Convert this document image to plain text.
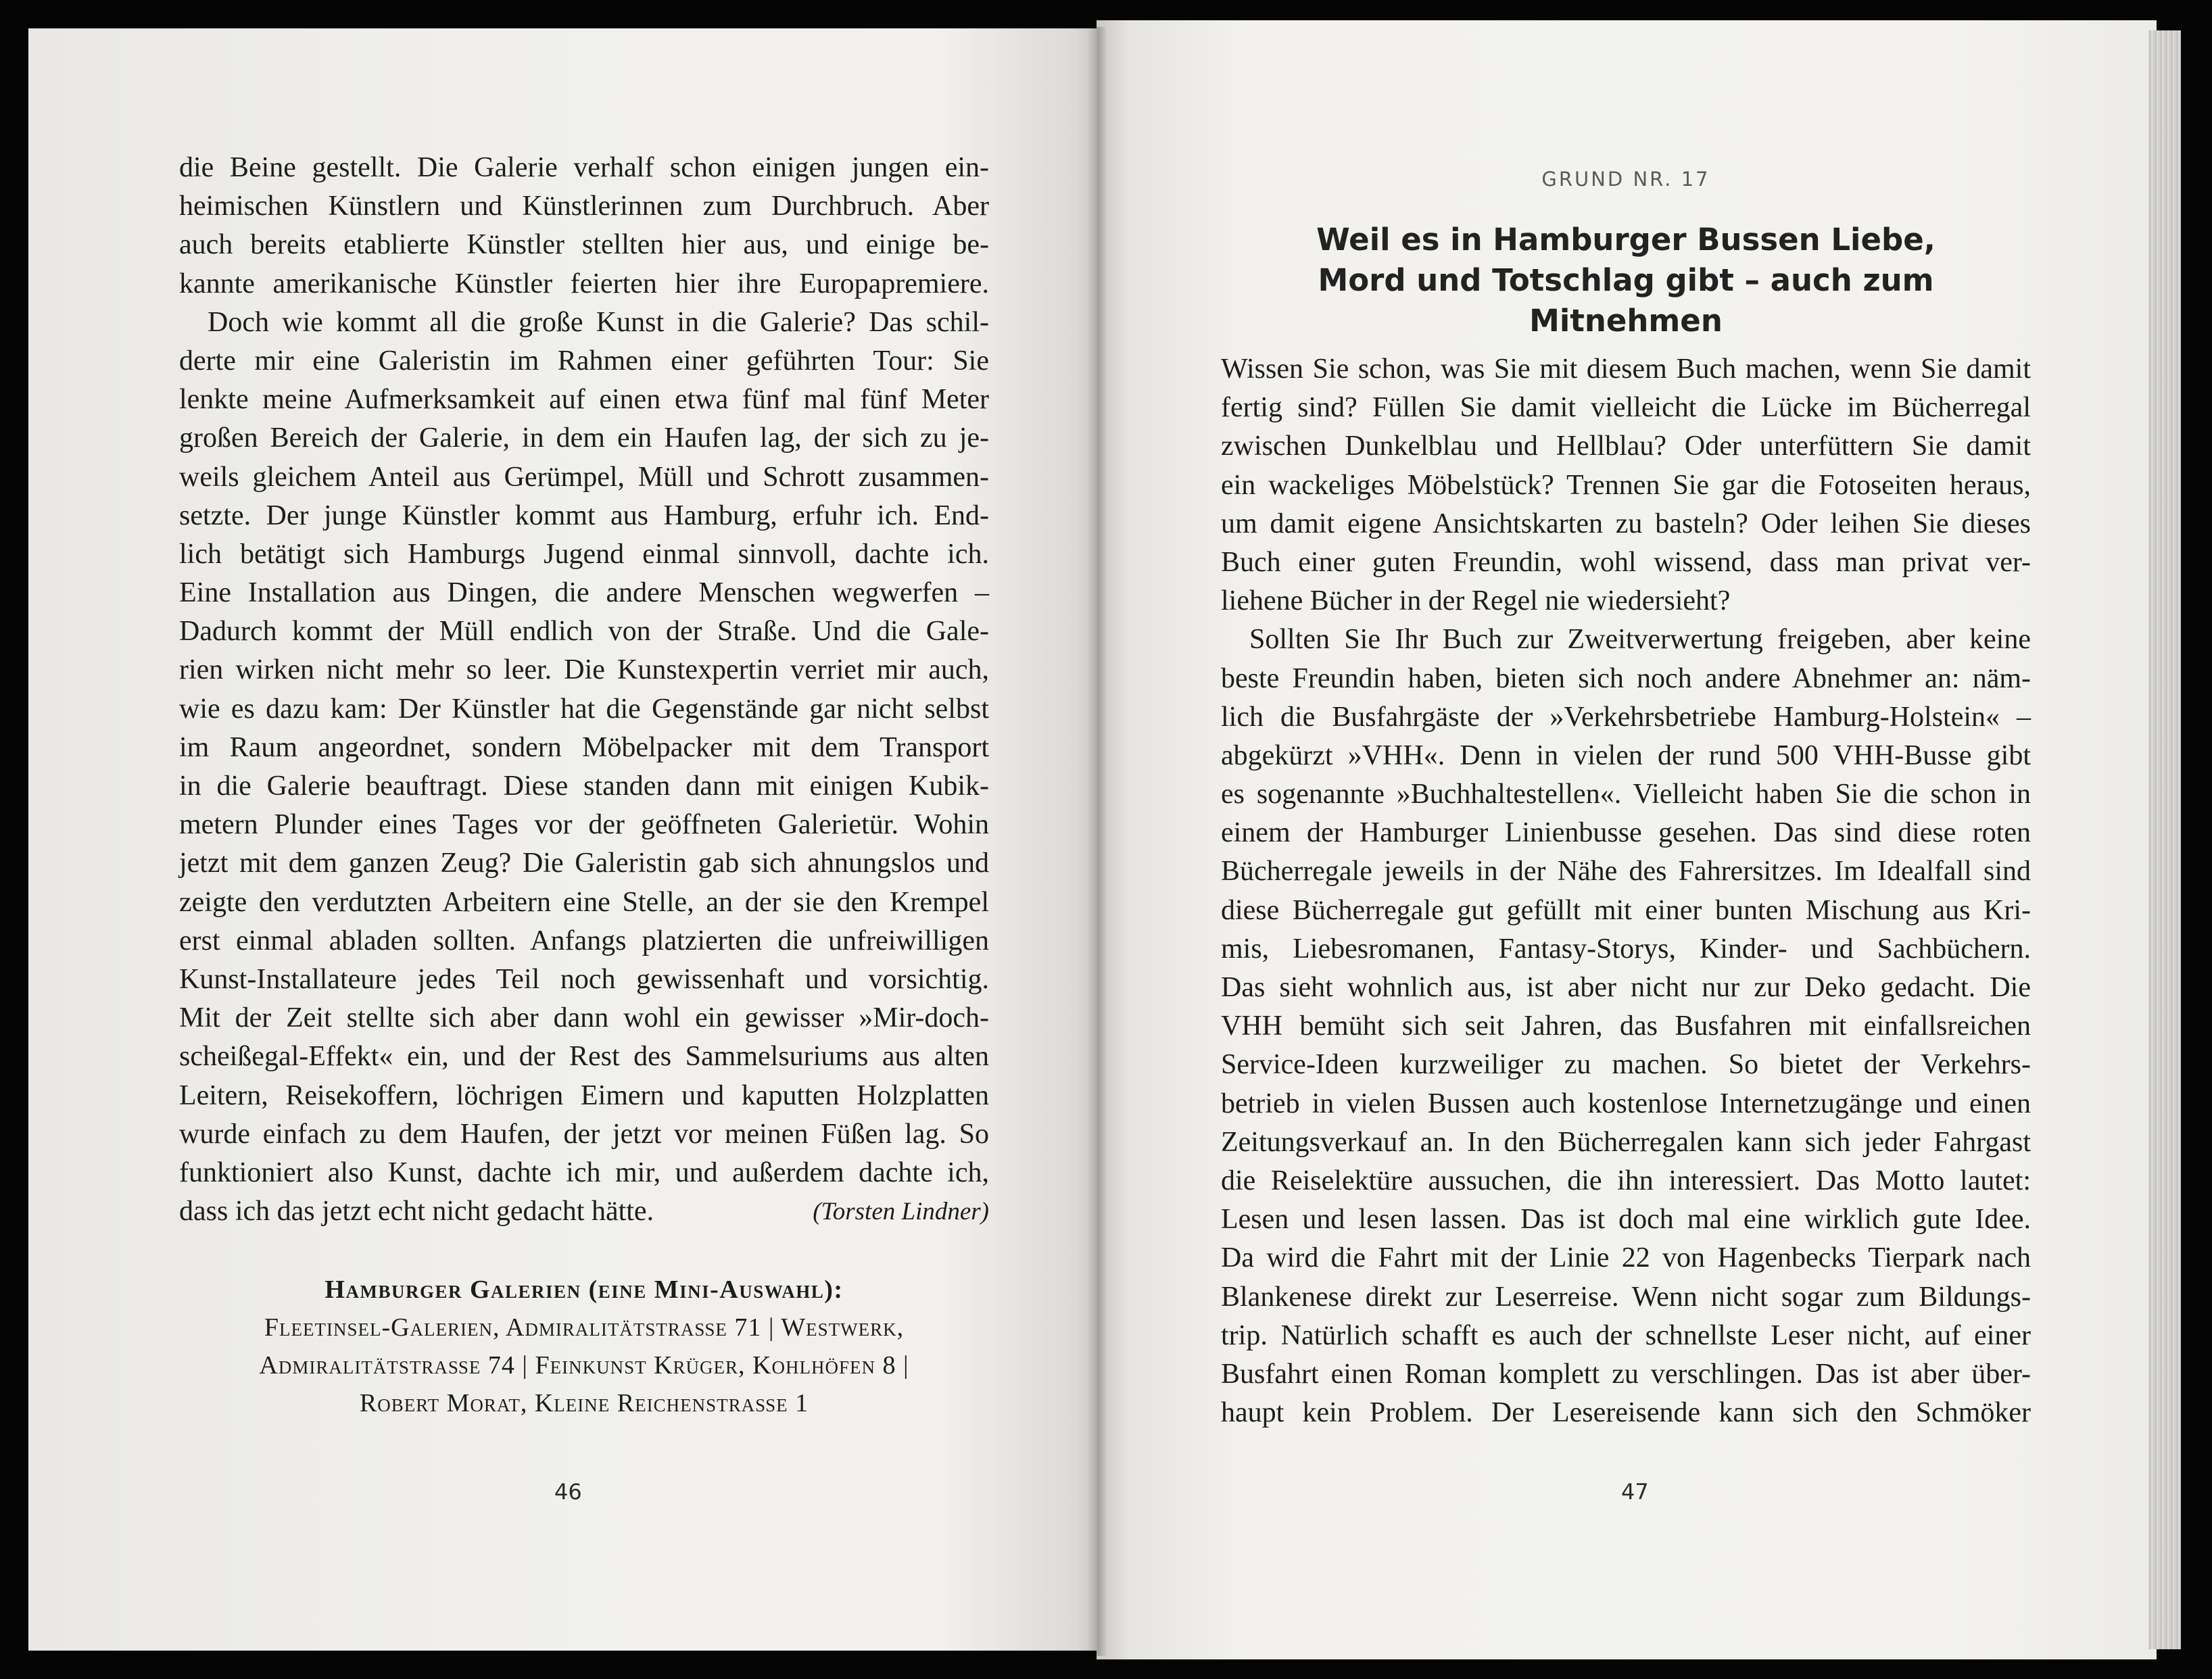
die Beine gestellt. Die Galerie verhalf schon einigen jungen ein-
heimischen Künstlern und Künstlerinnen zum Durchbruch. Aber
auch bereits etablierte Künstler stellten hier aus, und einige be-
kannte amerikanische Künstler feierten hier ihre Europapremiere.
 Doch wie kommt all die große Kunst in die Galerie? Das schil-
derte mir eine Galeristin im Rahmen einer geführten Tour: Sie
lenkte meine Aufmerksamkeit auf einen etwa fünf mal fünf Meter
großen Bereich der Galerie, in dem ein Haufen lag, der sich zu je-
weils gleichem Anteil aus Gerümpel, Müll und Schrott zusammen-
setzte. Der junge Künstler kommt aus Hamburg, erfuhr ich. End-
lich betätigt sich Hamburgs Jugend einmal sinnvoll, dachte ich.
Eine Installation aus Dingen, die andere Menschen wegwerfen –
Dadurch kommt der Müll endlich von der Straße. Und die Gale-
rien wirken nicht mehr so leer. Die Kunstexpertin verriet mir auch,
wie es dazu kam: Der Künstler hat die Gegenstände gar nicht selbst
im Raum angeordnet, sondern Möbelpacker mit dem Transport
in die Galerie beauftragt. Diese standen dann mit einigen Kubik-
metern Plunder eines Tages vor der geöffneten Galerietür. Wohin
jetzt mit dem ganzen Zeug? Die Galeristin gab sich ahnungslos und
zeigte den verdutzten Arbeitern eine Stelle, an der sie den Krempel
erst einmal abladen sollten. Anfangs platzierten die unfreiwilligen
Kunst-Installateure jedes Teil noch gewissenhaft und vorsichtig.
Mit der Zeit stellte sich aber dann wohl ein gewisser »Mir-doch-
scheißegal-Effekt« ein, und der Rest des Sammelsuriums aus alten
Leitern, Reisekoffern, löchrigen Eimern und kaputten Holzplatten
wurde einfach zu dem Haufen, der jetzt vor meinen Füßen lag. So
funktioniert also Kunst, dachte ich mir, und außerdem dachte ich,
dass ich das jetzt echt nicht gedacht hätte.	(Torsten Lindner)
Hamburger Galerien (eine Mini-Auswahl):
Fleetinsel-Galerien, Admiralitätstraße 71 | Westwerk,
Admiralitätstraße 74 | Feinkunst Krüger, Kohlhöfen 8 |
Robert Morat, Kleine Reichenstraße 1
46
GRUND NR. 17
Weil es in Hamburger Bussen Liebe,
Mord und Totschlag gibt – auch zum Mitnehmen
Wissen Sie schon, was Sie mit diesem Buch machen, wenn Sie damit
fertig sind? Füllen Sie damit vielleicht die Lücke im Bücherregal
zwischen Dunkelblau und Hellblau? Oder unterfüttern Sie damit
ein wackeliges Möbelstück? Trennen Sie gar die Fotoseiten heraus,
um damit eigene Ansichtskarten zu basteln? Oder leihen Sie dieses
Buch einer guten Freundin, wohl wissend, dass man privat ver-
liehene Bücher in der Regel nie wiedersieht?
 Sollten Sie Ihr Buch zur Zweitverwertung freigeben, aber keine
beste Freundin haben, bieten sich noch andere Abnehmer an: näm-
lich die Busfahrgäste der »Verkehrsbetriebe Hamburg-Holstein« –
abgekürzt »VHH«. Denn in vielen der rund 500 VHH-Busse gibt
es sogenannte »Buchhaltestellen«. Vielleicht haben Sie die schon in
einem der Hamburger Linienbusse gesehen. Das sind diese roten
Bücherregale jeweils in der Nähe des Fahrersitzes. Im Idealfall sind
diese Bücherregale gut gefüllt mit einer bunten Mischung aus Kri-
mis, Liebesromanen, Fantasy-Storys, Kinder- und Sachbüchern.
Das sieht wohnlich aus, ist aber nicht nur zur Deko gedacht. Die
VHH bemüht sich seit Jahren, das Busfahren mit einfallsreichen
Service-Ideen kurzweiliger zu machen. So bietet der Verkehrs-
betrieb in vielen Bussen auch kostenlose Internetzugänge und einen
Zeitungsverkauf an. In den Bücherregalen kann sich jeder Fahrgast
die Reiselektüre aussuchen, die ihn interessiert. Das Motto lautet:
Lesen und lesen lassen. Das ist doch mal eine wirklich gute Idee.
Da wird die Fahrt mit der Linie 22 von Hagenbecks Tierpark nach
Blankenese direkt zur Leserreise. Wenn nicht sogar zum Bildungs-
trip. Natürlich schafft es auch der schnellste Leser nicht, auf einer
Busfahrt einen Roman komplett zu verschlingen. Das ist aber über-
haupt kein Problem. Der Lesereisende kann sich den Schmöker
47
